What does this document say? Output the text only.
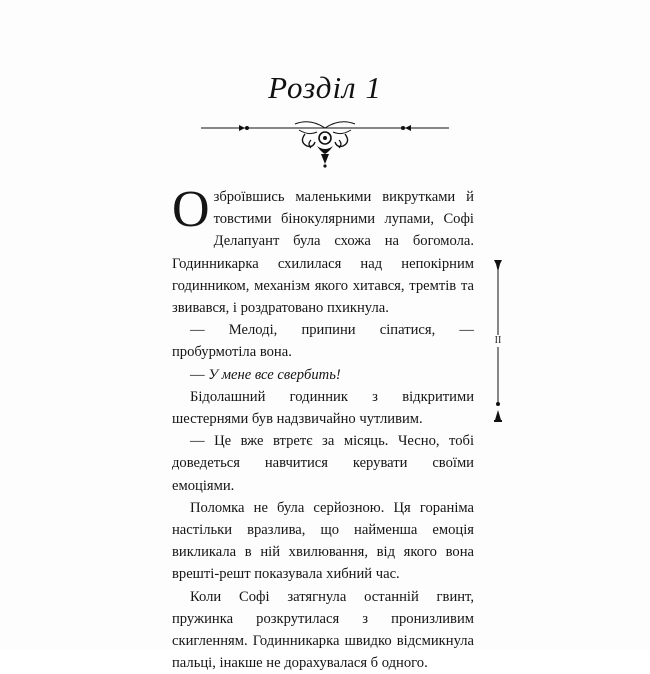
Розділ 1

Озброївшись маленькими викрутками й товстими бінокулярними лупами, Софі Делапуант була схожа на богомола. Годинникарка схилилася над непокірним годинником, механізм якого хитався, тремтів та звивався, і роздратовано пхикнула.

— Мелоді, припини сіпатися, — пробурмотіла вона.

— У мене все свербить!

Бідолашний годинник з відкритими шестернями був надзвичайно чутливим.

— Це вже втретє за місяць. Чесно, тобі доведеться навчитися керувати своїми емоціями.

Поломка не була серйозною. Ця гораніма настільки вразлива, що найменша емоція викликала в ній хвилювання, від якого вона врешті-решт показувала хибний час.

Коли Софі затягнула останній гвинт, пружинка розкрутилася з пронизливим скигленням. Годинникарка швидко відсмикнула пальці, інакше не дорахувалася б одного.

II
